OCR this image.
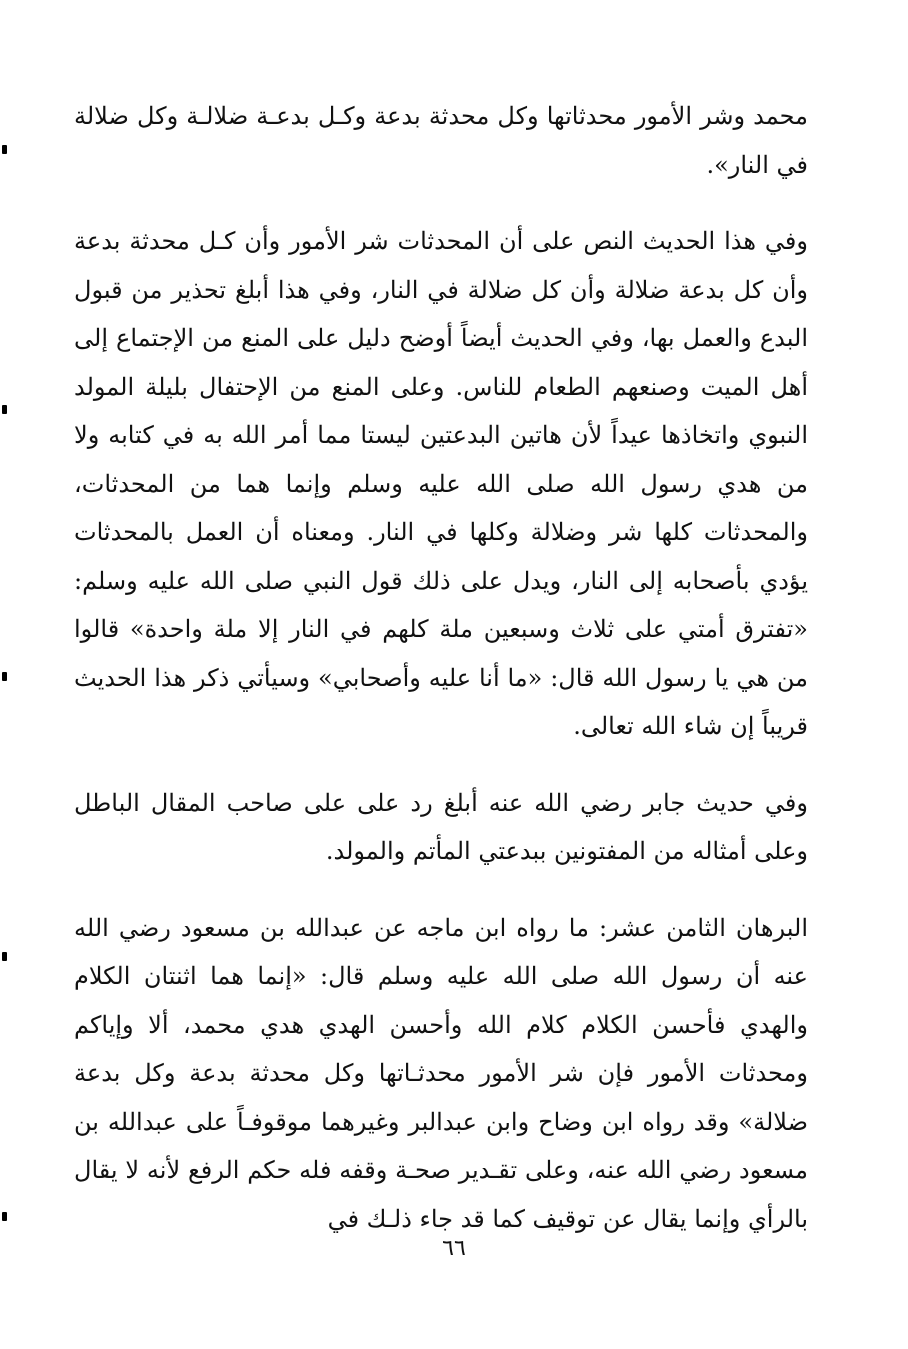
محمد وشر الأمور محدثاتها وكل محدثة بدعة وكـل بدعـة ضلالـة وكل ضلالة في النار».

وفي هذا الحديث النص على أن المحدثات شر الأمور وأن كـل محدثة بدعة وأن كل بدعة ضلالة وأن كل ضلالة في النار، وفي هذا أبلغ تحذير من قبول البدع والعمل بها، وفي الحديث أيضاً أوضح دليل على المنع من الإجتماع إلى أهل الميت وصنعهم الطعام للناس. وعلى المنع من الإحتفال بليلة المولد النبوي واتخاذها عيداً لأن هاتين البدعتين ليستا مما أمر الله به في كتابه ولا من هدي رسول الله صلى الله عليه وسلم وإنما هما من المحدثات، والمحدثات كلها شر وضلالة وكلها في النار. ومعناه أن العمل بالمحدثات يؤدي بأصحابه إلى النار، ويدل على ذلك قول النبي صلى الله عليه وسلم: «تفترق أمتي على ثلاث وسبعين ملة كلهم في النار إلا ملة واحدة» قالوا من هي يا رسول الله قال: «ما أنا عليه وأصحابي» وسيأتي ذكر هذا الحديث قريباً إن شاء الله تعالى.

وفي حديث جابر رضي الله عنه أبلغ رد على على صاحب المقال الباطل وعلى أمثاله من المفتونين ببدعتي المأتم والمولد.

البرهان الثامن عشر: ما رواه ابن ماجه عن عبدالله بن مسعود رضي الله عنه أن رسول الله صلى الله عليه وسلم قال: «إنما هما اثنتان الكلام والهدي فأحسن الكلام كلام الله وأحسن الهدي هدي محمد، ألا وإياكم ومحدثات الأمور فإن شر الأمور محدثـاتها وكل محدثة بدعة وكل بدعة ضلالة» وقد رواه ابن وضاح وابن عبدالبر وغيرهما موقوفـاً على عبدالله بن مسعود رضي الله عنه، وعلى تقـدير صحـة وقفه فله حكم الرفع لأنه لا يقال بالرأي وإنما يقال عن توقيف كما قد جاء ذلـك في

٦٦
